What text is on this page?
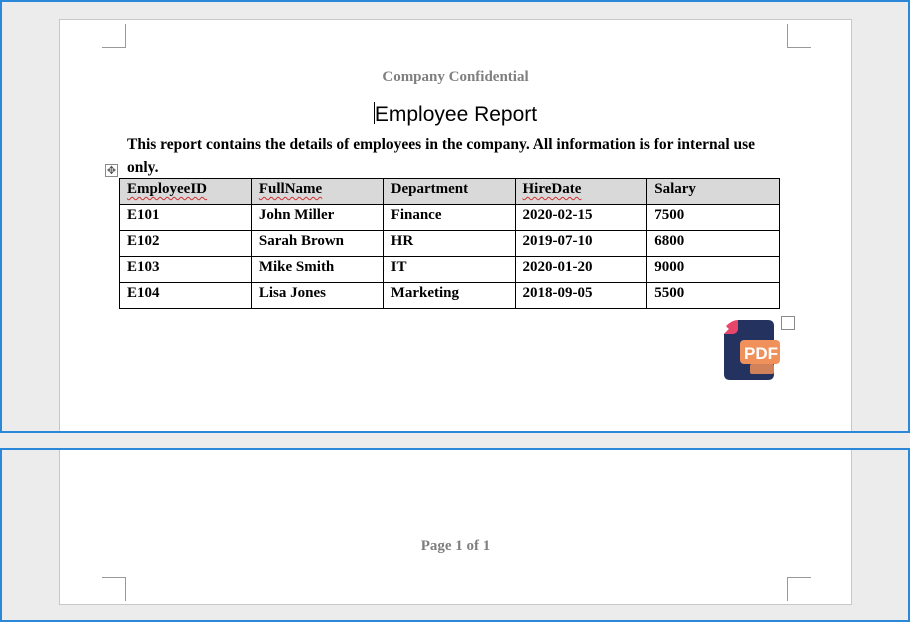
Company Confidential
Employee Report
This report contains the details of employees in the company. All information is for internal use only.
✥
EmployeeID	FullName	Department	HireDate	Salary
E101	John Miller	Finance	2020-02-15	7500
E102	Sarah Brown	HR	2019-07-10	6800
E103	Mike Smith	IT	2020-01-20	9000
E104	Lisa Jones	Marketing	2018-09-05	5500
PDF
Page 1 of 1
